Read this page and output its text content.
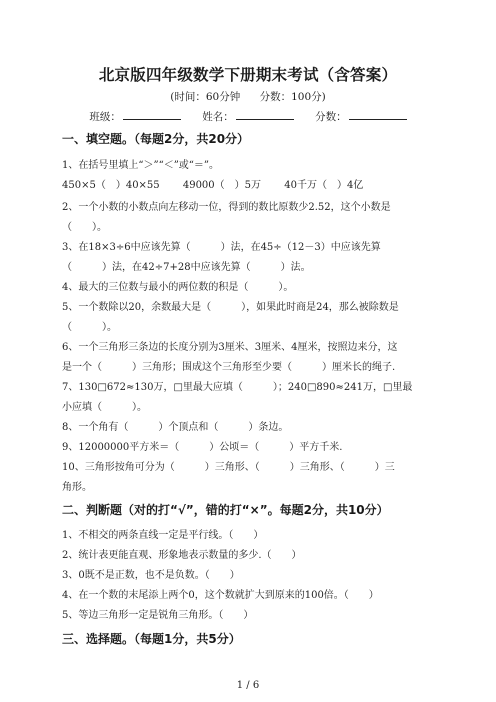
北京版四年级数学下册期末考试（含答案）
(时间：60分钟 分数：100分)
班级：	姓名：	分数：
一、填空题。（每题2分，共20分）
1、在括号里填上“＞”“＜”或“＝”。
450×5（　）40×55 49000（　）5万 40千万（　）4亿
2、一个小数的小数点向左移动一位，得到的数比原数少2.52，这个小数是
（　　）。
3、在18×3÷6中应该先算（　　　）法，在45÷（12－3）中应该先算
（　　　）法，在42÷7+28中应该先算（　　　）法。
4、最大的三位数与最小的两位数的积是（　　　）。
5、一个数除以20，余数最大是（　　　），如果此时商是24，那么被除数是
（　　　）。
6、一个三角形三条边的长度分别为3厘米、3厘米、4厘米，按照边来分，这
是一个（　　　）三角形；围成这个三角形至少要（　　　）厘米长的绳子.
7、130□672≈130万，□里最大应填（　　　）；240□890≈241万，□里最
小应填（　　　）。
8、一个角有（　　　）个顶点和（　　　）条边。
9、12000000平方米＝（　　　）公顷＝（　　　）平方千米.
10、三角形按角可分为（　　　）三角形、（　　　）三角形、（　　　）三
角形。
二、判断题（对的打“√”，错的打“×”。每题2分，共10分）
1、不相交的两条直线一定是平行线。（　　）
2、统计表更能直观、形象地表示数量的多少.（　　）
3、0既不是正数，也不是负数。（　　）
4、在一个数的末尾添上两个0，这个数就扩大到原来的100倍。（　　）
5、等边三角形一定是锐角三角形。（　　）
三、选择题。（每题1分，共5分）
1 / 6
